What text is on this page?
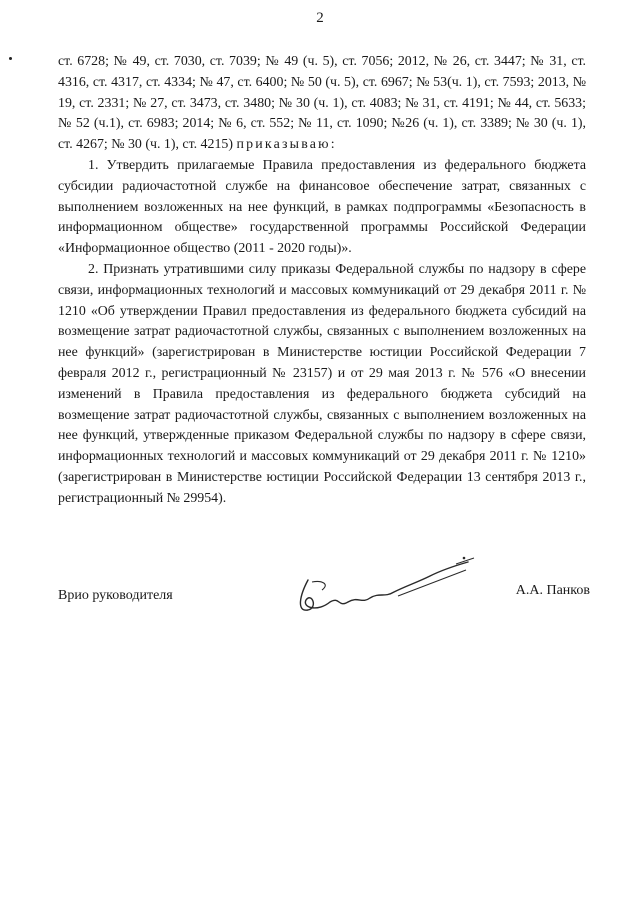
2

ст. 6728; № 49, ст. 7030, ст. 7039; № 49 (ч. 5), ст. 7056; 2012, № 26, ст. 3447; № 31, ст. 4316, ст. 4317, ст. 4334; № 47, ст. 6400; № 50 (ч. 5), ст. 6967; № 53(ч. 1), ст. 7593; 2013, № 19, ст. 2331; № 27, ст. 3473, ст. 3480; № 30 (ч. 1), ст. 4083; № 31, ст. 4191; № 44, ст. 5633; № 52 (ч.1), ст. 6983; 2014; № 6, ст. 552; № 11, ст. 1090; №26 (ч. 1), ст. 3389; № 30 (ч. 1), ст. 4267; № 30 (ч. 1), ст. 4215) приказываю:

1. Утвердить прилагаемые Правила предоставления из федерального бюджета субсидии радиочастотной службе на финансовое обеспечение затрат, связанных с выполнением возложенных на нее функций, в рамках подпрограммы «Безопасность в информационном обществе» государственной программы Российской Федерации «Информационное общество (2011 - 2020 годы)».

2. Признать утратившими силу приказы Федеральной службы по надзору в сфере связи, информационных технологий и массовых коммуникаций от 29 декабря 2011 г. № 1210 «Об утверждении Правил предоставления из федерального бюджета субсидий на возмещение затрат радиочастотной службы, связанных с выполнением возложенных на нее функций» (зарегистрирован в Министерстве юстиции Российской Федерации 7 февраля 2012 г., регистрационный № 23157) и от 29 мая 2013 г. № 576 «О внесении изменений в Правила предоставления из федерального бюджета субсидий на возмещение затрат радиочастотной службы, связанных с выполнением возложенных на нее функций, утвержденные приказом Федеральной службы по надзору в сфере связи, информационных технологий и массовых коммуникаций от 29 декабря 2011 г. № 1210» (зарегистрирован в Министерстве юстиции Российской Федерации 13 сентября 2013 г., регистрационный № 29954).

Врио руководителя	А.А. Панков
